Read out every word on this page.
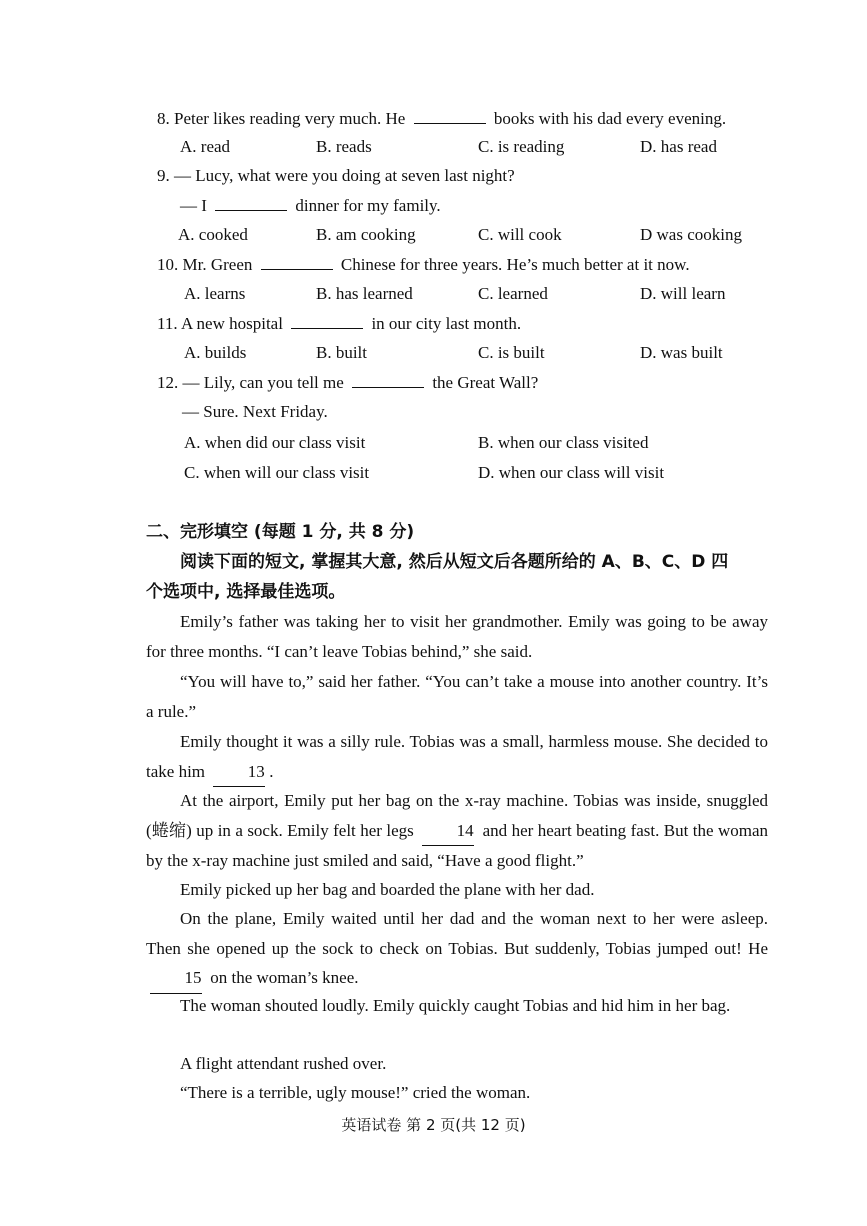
8. Peter likes reading very much. He	books with his dad every evening.
A. read	B. reads	C. is reading	D. has read
9. — Lucy, what were you doing at seven last night?
— I	dinner for my family.
A. cooked	B. am cooking	C. will cook	D was cooking
10. Mr. Green	Chinese for three years. He’s much better at it now.
A. learns	B. has learned	C. learned	D. will learn
11. A new hospital	in our city last month.
A. builds	B. built	C. is built	D. was built
12. — Lily, can you tell me	the Great Wall?
— Sure. Next Friday.
A. when did our class visit	B. when our class visited
C. when will our class visit	D. when our class will visit
二、完形填空 (每题 1 分, 共 8 分)
阅读下面的短文, 掌握其大意, 然后从短文后各题所给的 A、B、C、D 四
个选项中, 选择最佳选项。
Emily’s father was taking her to visit her grandmother. Emily was going to be away for three months. “I can’t leave Tobias behind,” she said.
“You will have to,” said her father. “You can’t take a mouse into another country. It’s a rule.”
Emily thought it was a silly rule. Tobias was a small, harmless mouse. She decided to take him	13 .
At the airport, Emily put her bag on the x-ray machine. Tobias was inside, snuggled (蜷缩) up in a sock. Emily felt her legs	14 and her heart beating fast. But the woman by the x-ray machine just smiled and said, “Have a good flight.”
Emily picked up her bag and boarded the plane with her dad.
On the plane, Emily waited until her dad and the woman next to her were asleep. Then she opened up the sock to check on Tobias. But suddenly, Tobias jumped out! He 15 on the woman’s knee.
The woman shouted loudly. Emily quickly caught Tobias and hid him in her bag.
A flight attendant rushed over.
“There is a terrible, ugly mouse!” cried the woman.
英语试卷 第 2 页(共 12 页)
